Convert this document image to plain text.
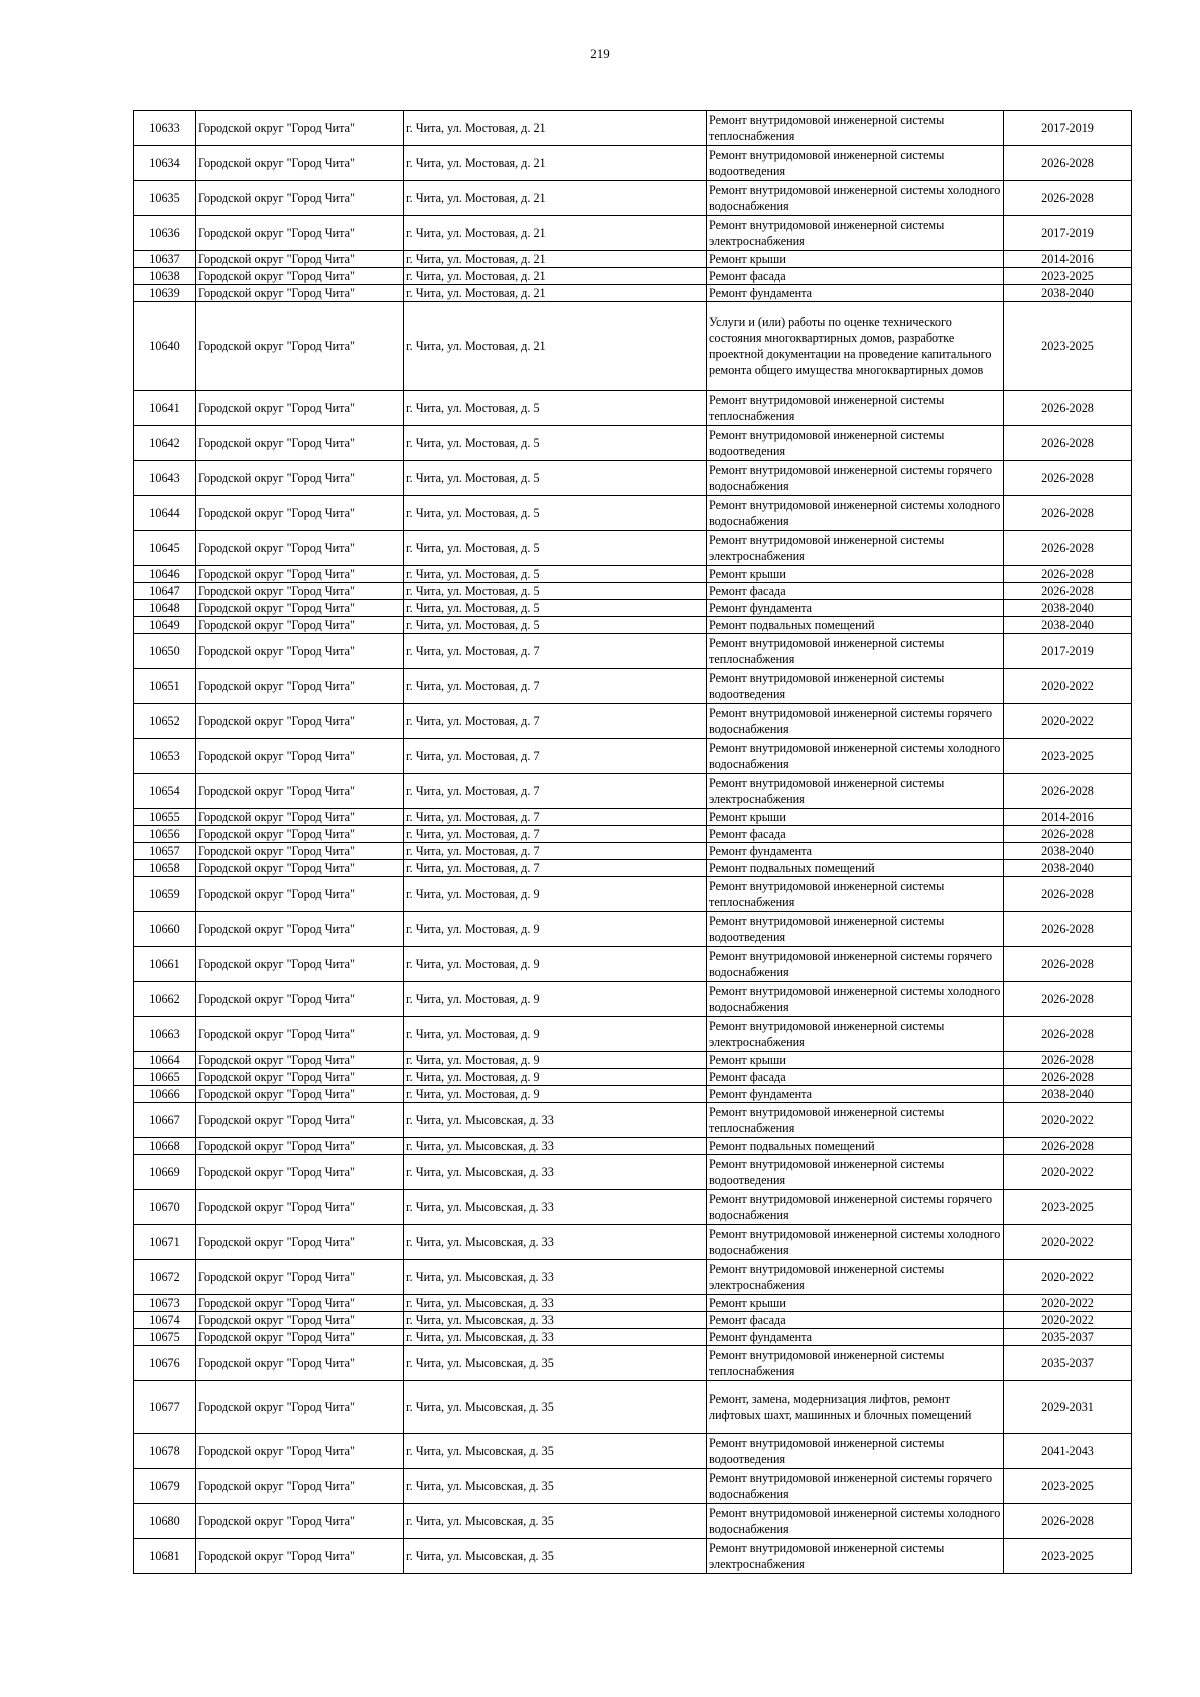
219
10633	Городской округ "Город Чита"	г. Чита, ул. Мостовая, д. 21	Ремонт внутридомовой инженерной системы теплоснабжения	2017-2019
10634	Городской округ "Город Чита"	г. Чита, ул. Мостовая, д. 21	Ремонт внутридомовой инженерной системы водоотведения	2026-2028
10635	Городской округ "Город Чита"	г. Чита, ул. Мостовая, д. 21	Ремонт внутридомовой инженерной системы холодного водоснабжения	2026-2028
10636	Городской округ "Город Чита"	г. Чита, ул. Мостовая, д. 21	Ремонт внутридомовой инженерной системы электроснабжения	2017-2019
10637	Городской округ "Город Чита"	г. Чита, ул. Мостовая, д. 21	Ремонт крыши	2014-2016
10638	Городской округ "Город Чита"	г. Чита, ул. Мостовая, д. 21	Ремонт фасада	2023-2025
10639	Городской округ "Город Чита"	г. Чита, ул. Мостовая, д. 21	Ремонт фундамента	2038-2040
10640	Городской округ "Город Чита"	г. Чита, ул. Мостовая, д. 21	Услуги и (или) работы по оценке технического состояния многоквартирных домов, разработке проектной документации на проведение капитального ремонта общего имущества многоквартирных домов	2023-2025
10641	Городской округ "Город Чита"	г. Чита, ул. Мостовая, д. 5	Ремонт внутридомовой инженерной системы теплоснабжения	2026-2028
10642	Городской округ "Город Чита"	г. Чита, ул. Мостовая, д. 5	Ремонт внутридомовой инженерной системы водоотведения	2026-2028
10643	Городской округ "Город Чита"	г. Чита, ул. Мостовая, д. 5	Ремонт внутридомовой инженерной системы горячего водоснабжения	2026-2028
10644	Городской округ "Город Чита"	г. Чита, ул. Мостовая, д. 5	Ремонт внутридомовой инженерной системы холодного водоснабжения	2026-2028
10645	Городской округ "Город Чита"	г. Чита, ул. Мостовая, д. 5	Ремонт внутридомовой инженерной системы электроснабжения	2026-2028
10646	Городской округ "Город Чита"	г. Чита, ул. Мостовая, д. 5	Ремонт крыши	2026-2028
10647	Городской округ "Город Чита"	г. Чита, ул. Мостовая, д. 5	Ремонт фасада	2026-2028
10648	Городской округ "Город Чита"	г. Чита, ул. Мостовая, д. 5	Ремонт фундамента	2038-2040
10649	Городской округ "Город Чита"	г. Чита, ул. Мостовая, д. 5	Ремонт подвальных помещений	2038-2040
10650	Городской округ "Город Чита"	г. Чита, ул. Мостовая, д. 7	Ремонт внутридомовой инженерной системы теплоснабжения	2017-2019
10651	Городской округ "Город Чита"	г. Чита, ул. Мостовая, д. 7	Ремонт внутридомовой инженерной системы водоотведения	2020-2022
10652	Городской округ "Город Чита"	г. Чита, ул. Мостовая, д. 7	Ремонт внутридомовой инженерной системы горячего водоснабжения	2020-2022
10653	Городской округ "Город Чита"	г. Чита, ул. Мостовая, д. 7	Ремонт внутридомовой инженерной системы холодного водоснабжения	2023-2025
10654	Городской округ "Город Чита"	г. Чита, ул. Мостовая, д. 7	Ремонт внутридомовой инженерной системы электроснабжения	2026-2028
10655	Городской округ "Город Чита"	г. Чита, ул. Мостовая, д. 7	Ремонт крыши	2014-2016
10656	Городской округ "Город Чита"	г. Чита, ул. Мостовая, д. 7	Ремонт фасада	2026-2028
10657	Городской округ "Город Чита"	г. Чита, ул. Мостовая, д. 7	Ремонт фундамента	2038-2040
10658	Городской округ "Город Чита"	г. Чита, ул. Мостовая, д. 7	Ремонт подвальных помещений	2038-2040
10659	Городской округ "Город Чита"	г. Чита, ул. Мостовая, д. 9	Ремонт внутридомовой инженерной системы теплоснабжения	2026-2028
10660	Городской округ "Город Чита"	г. Чита, ул. Мостовая, д. 9	Ремонт внутридомовой инженерной системы водоотведения	2026-2028
10661	Городской округ "Город Чита"	г. Чита, ул. Мостовая, д. 9	Ремонт внутридомовой инженерной системы горячего водоснабжения	2026-2028
10662	Городской округ "Город Чита"	г. Чита, ул. Мостовая, д. 9	Ремонт внутридомовой инженерной системы холодного водоснабжения	2026-2028
10663	Городской округ "Город Чита"	г. Чита, ул. Мостовая, д. 9	Ремонт внутридомовой инженерной системы электроснабжения	2026-2028
10664	Городской округ "Город Чита"	г. Чита, ул. Мостовая, д. 9	Ремонт крыши	2026-2028
10665	Городской округ "Город Чита"	г. Чита, ул. Мостовая, д. 9	Ремонт фасада	2026-2028
10666	Городской округ "Город Чита"	г. Чита, ул. Мостовая, д. 9	Ремонт фундамента	2038-2040
10667	Городской округ "Город Чита"	г. Чита, ул. Мысовская, д. 33	Ремонт внутридомовой инженерной системы теплоснабжения	2020-2022
10668	Городской округ "Город Чита"	г. Чита, ул. Мысовская, д. 33	Ремонт подвальных помещений	2026-2028
10669	Городской округ "Город Чита"	г. Чита, ул. Мысовская, д. 33	Ремонт внутридомовой инженерной системы водоотведения	2020-2022
10670	Городской округ "Город Чита"	г. Чита, ул. Мысовская, д. 33	Ремонт внутридомовой инженерной системы горячего водоснабжения	2023-2025
10671	Городской округ "Город Чита"	г. Чита, ул. Мысовская, д. 33	Ремонт внутридомовой инженерной системы холодного водоснабжения	2020-2022
10672	Городской округ "Город Чита"	г. Чита, ул. Мысовская, д. 33	Ремонт внутридомовой инженерной системы электроснабжения	2020-2022
10673	Городской округ "Город Чита"	г. Чита, ул. Мысовская, д. 33	Ремонт крыши	2020-2022
10674	Городской округ "Город Чита"	г. Чита, ул. Мысовская, д. 33	Ремонт фасада	2020-2022
10675	Городской округ "Город Чита"	г. Чита, ул. Мысовская, д. 33	Ремонт фундамента	2035-2037
10676	Городской округ "Город Чита"	г. Чита, ул. Мысовская, д. 35	Ремонт внутридомовой инженерной системы теплоснабжения	2035-2037
10677	Городской округ "Город Чита"	г. Чита, ул. Мысовская, д. 35	Ремонт, замена, модернизация лифтов, ремонт лифтовых шахт, машинных и блочных помещений	2029-2031
10678	Городской округ "Город Чита"	г. Чита, ул. Мысовская, д. 35	Ремонт внутридомовой инженерной системы водоотведения	2041-2043
10679	Городской округ "Город Чита"	г. Чита, ул. Мысовская, д. 35	Ремонт внутридомовой инженерной системы горячего водоснабжения	2023-2025
10680	Городской округ "Город Чита"	г. Чита, ул. Мысовская, д. 35	Ремонт внутридомовой инженерной системы холодного водоснабжения	2026-2028
10681	Городской округ "Город Чита"	г. Чита, ул. Мысовская, д. 35	Ремонт внутридомовой инженерной системы электроснабжения	2023-2025
